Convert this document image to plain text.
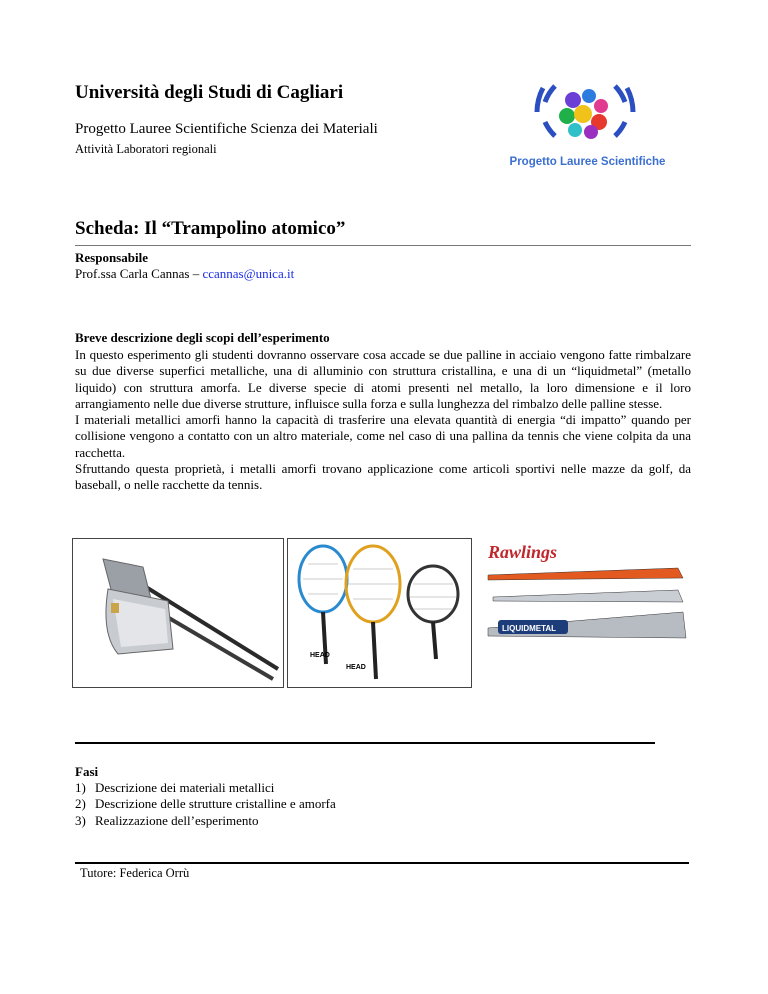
Università degli Studi di Cagliari
Progetto Lauree Scientifiche Scienza dei Materiali
Attività Laboratori regionali
Progetto Lauree Scientifiche
Scheda: Il “Trampolino atomico”
Responsabile
Prof.ssa Carla Cannas – ccannas@unica.it
Breve descrizione degli scopi dell’esperimento

In questo esperimento gli studenti dovranno osservare cosa accade se due palline in acciaio vengono fatte rimbalzare su due diverse superfici metalliche, una di alluminio con struttura cristallina, e una di un “liquidmetal” (metallo liquido) con struttura amorfa. Le diverse specie di atomi presenti nel metallo, la loro dimensione e il loro arrangiamento nelle due diverse strutture, influisce sulla forza e sulla lunghezza del rimbalzo delle palline stesse.

I materiali metallici amorfi hanno la capacità di trasferire una elevata quantità di energia “di impatto” quando per collisione vengono a contatto con un altro materiale, come nel caso di una pallina da tennis che viene colpita da una racchetta.

Sfruttando questa proprietà, i metalli amorfi trovano applicazione come articoli sportivi nelle mazze da golf, da baseball, o nelle racchette da tennis.

HEAD
HEAD
Rawlings
LIQUIDMETAL
Fasi
1) Descrizione dei materiali metallici
2) Descrizione delle strutture cristalline e amorfa
3) Realizzazione dell’esperimento
Tutore: Federica Orrù
